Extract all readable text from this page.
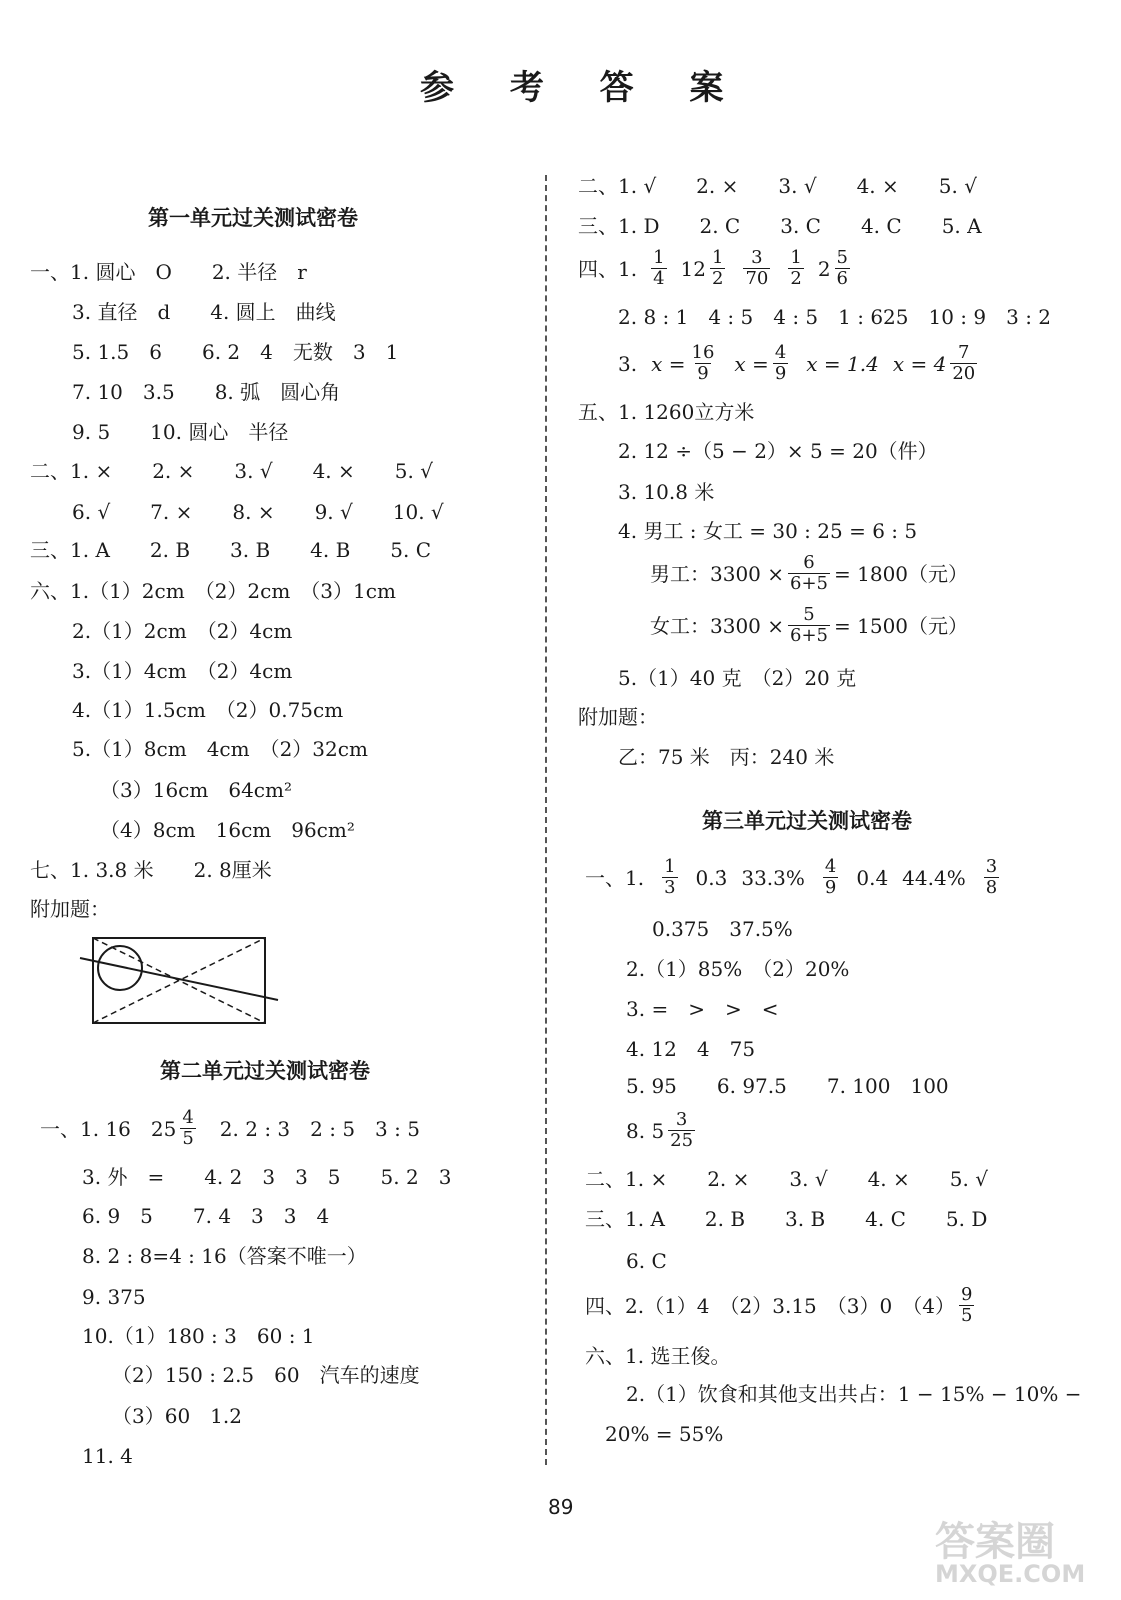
参 考 答 案
第一单元过关测试密卷
一、1. 圆心　O　　2. 半径　r
3. 直径　d　　4. 圆上　曲线
5. 1.5　6　　6. 2　4　无数　3　1
7. 10　3.5　　8. 弧　圆心角
9. 5　　10. 圆心　半径
二、1. ×　　2. ×　　3. √　　4. ×　　5. √
6. √　　7. ×　　8. ×　　9. √　　10. √
三、1. A　　2. B　　3. B　　4. B　　5. C
六、1.（1）2cm　（2）2cm　（3）1cm
2.（1）2cm　（2）4cm
3.（1）4cm　（2）4cm
4.（1）1.5cm　（2）0.75cm
5.（1）8cm　4cm　（2）32cm
（3）16cm　64cm²
（4）8cm　16cm　96cm²
七、1. 3.8 米　　2. 8厘米
附加题：
第二单元过关测试密卷
一、1. 16　$25 \frac{4}{5}$ 　2. 2 : 3　2 : 5　3 : 5
3. 外　=　　4. 2　3　3　5　　5. 2　3
6. 9　5　　7. 4　3　3　4
8. 2 : 8=4 : 16（答案不唯一）
9. 375
10.（1）180 : 3　60 : 1
（2）150 : 2.5　60　汽车的速度
（3）60　1.2
11. 4
二、1. √　　2. ×　　3. √　　4. ×　　5. √
三、1. D　　2. C　　3. C　　4. C　　5. A
四、1. $\frac{1}{4} 12 \frac{1}{2} \frac{3}{70} \frac{1}{2} 2 \frac{5}{6}$
2. 8 : 1　4 : 5　4 : 5　1 : 625　10 : 9　3 : 2
3. $x = \frac{16}{9}$ $x = \frac{4}{9}$ x = 1.4 $x = 4 \frac{7}{20}$
五、1. 1260立方米
2. 12 ÷（5 − 2）× 5 = 20（件）
3. 10.8 米
4. 男工 : 女工 = 30 : 25 = 6 : 5
男工：$3300 \times \frac{6}{6+5} = 1800$（元）
女工：$3300 \times \frac{5}{6+5} = 1500$（元）
5.（1）40 克　（2）20 克
附加题：
乙：75 米　丙：240 米
第三单元过关测试密卷
一、1. $\frac{1}{3}$ 0.3̇ $33.3\% \frac{4}{9}$ 0.4̇ $44.4\% \frac{3}{8}$
0.375　37.5%
2.（1）85%　（2）20%
3. =　>　>　<
4. 12　4　75
5. 95　　6. 97.5　　7. 100　100
8. $5 \frac{3}{25}$
二、1. ×　　2. ×　　3. √　　4. ×　　5. √
三、1. A　　2. B　　3. B　　4. C　　5. D
6. C
四、2.（1）4　（2）3.15　（3）0　$(4) \frac{9}{5}$
六、1. 选王俊。
2.（1）饮食和其他支出共占：1 − 15% − 10% −
20% = 55%
89
答案圈
MXQE.COM
